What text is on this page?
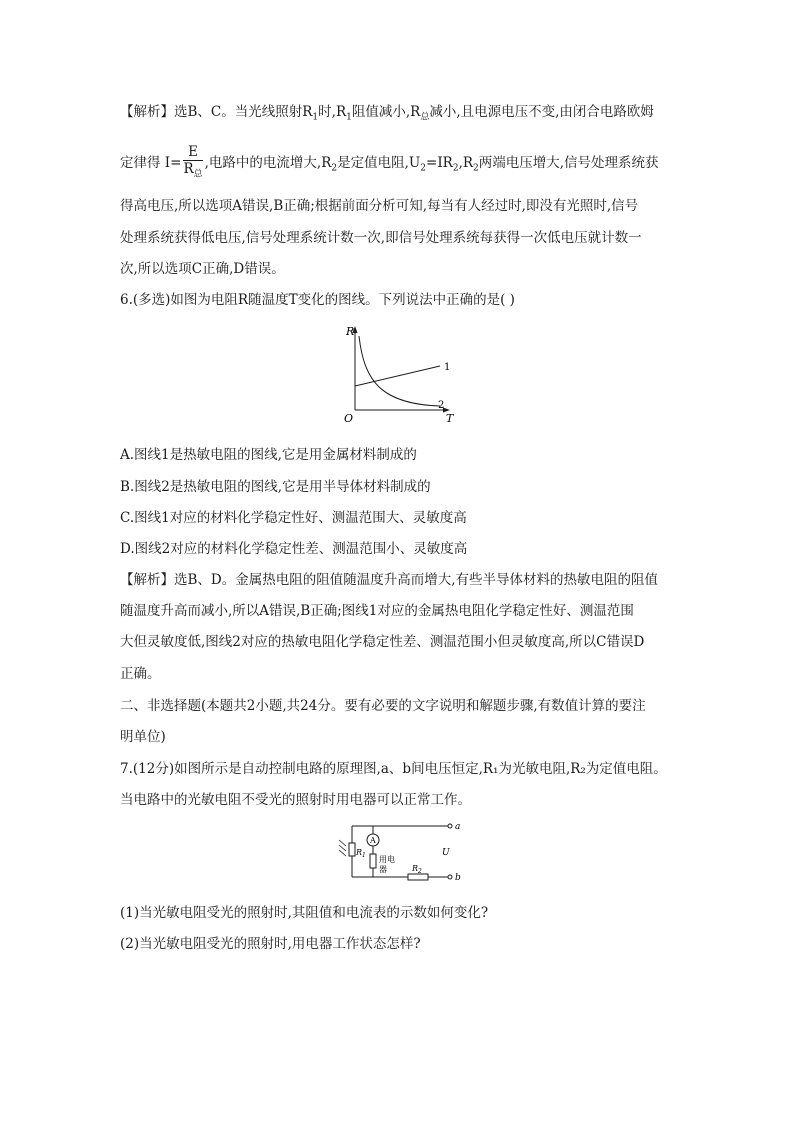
【解析】选B、C。当光线照射$R_1$时$,R_1$阻值减小$,R_总$减小,且电源电压不变,由闭合电路欧姆
定律得 $I= \frac{E}{R_总}$ ,电路中的电流增大$,R_2$是定值电阻$,U_2=IR_2,R_2$两端电压增大,信号处理系统获
得高电压,所以选项A错误,B正确;根据前面分析可知,每当有人经过时,即没有光照时,信号
处理系统获得低电压,信号处理系统计数一次,即信号处理系统每获得一次低电压就计数一
次,所以选项C正确,D错误。
6.(多选)如图为电阻R随温度T变化的图线。下列说法中正确的是( )
R
T
O
1
2
A.图线1是热敏电阻的图线,它是用金属材料制成的
B.图线2是热敏电阻的图线,它是用半导体材料制成的
C.图线1对应的材料化学稳定性好、测温范围大、灵敏度高
D.图线2对应的材料化学稳定性差、测温范围小、灵敏度高
【解析】选B、D。金属热电阻的阻值随温度升高而增大,有些半导体材料的热敏电阻的阻值
随温度升高而减小,所以A错误,B正确;图线1对应的金属热电阻化学稳定性好、测温范围
大但灵敏度低,图线2对应的热敏电阻化学稳定性差、测温范围小但灵敏度高,所以C错误D
正确。
二、非选择题(本题共2小题,共24分。要有必要的文字说明和解题步骤,有数值计算的要注
明单位)
7.(12分)如图所示是自动控制电路的原理图,a、b间电压恒定,R₁为光敏电阻,R₂为定值电阻。
当电路中的光敏电阻不受光的照射时用电器可以正常工作。
$R_1$
A
用电
器	$R_2$
a
b
U
(1)当光敏电阻受光的照射时,其阻值和电流表的示数如何变化?
(2)当光敏电阻受光的照射时,用电器工作状态怎样?
